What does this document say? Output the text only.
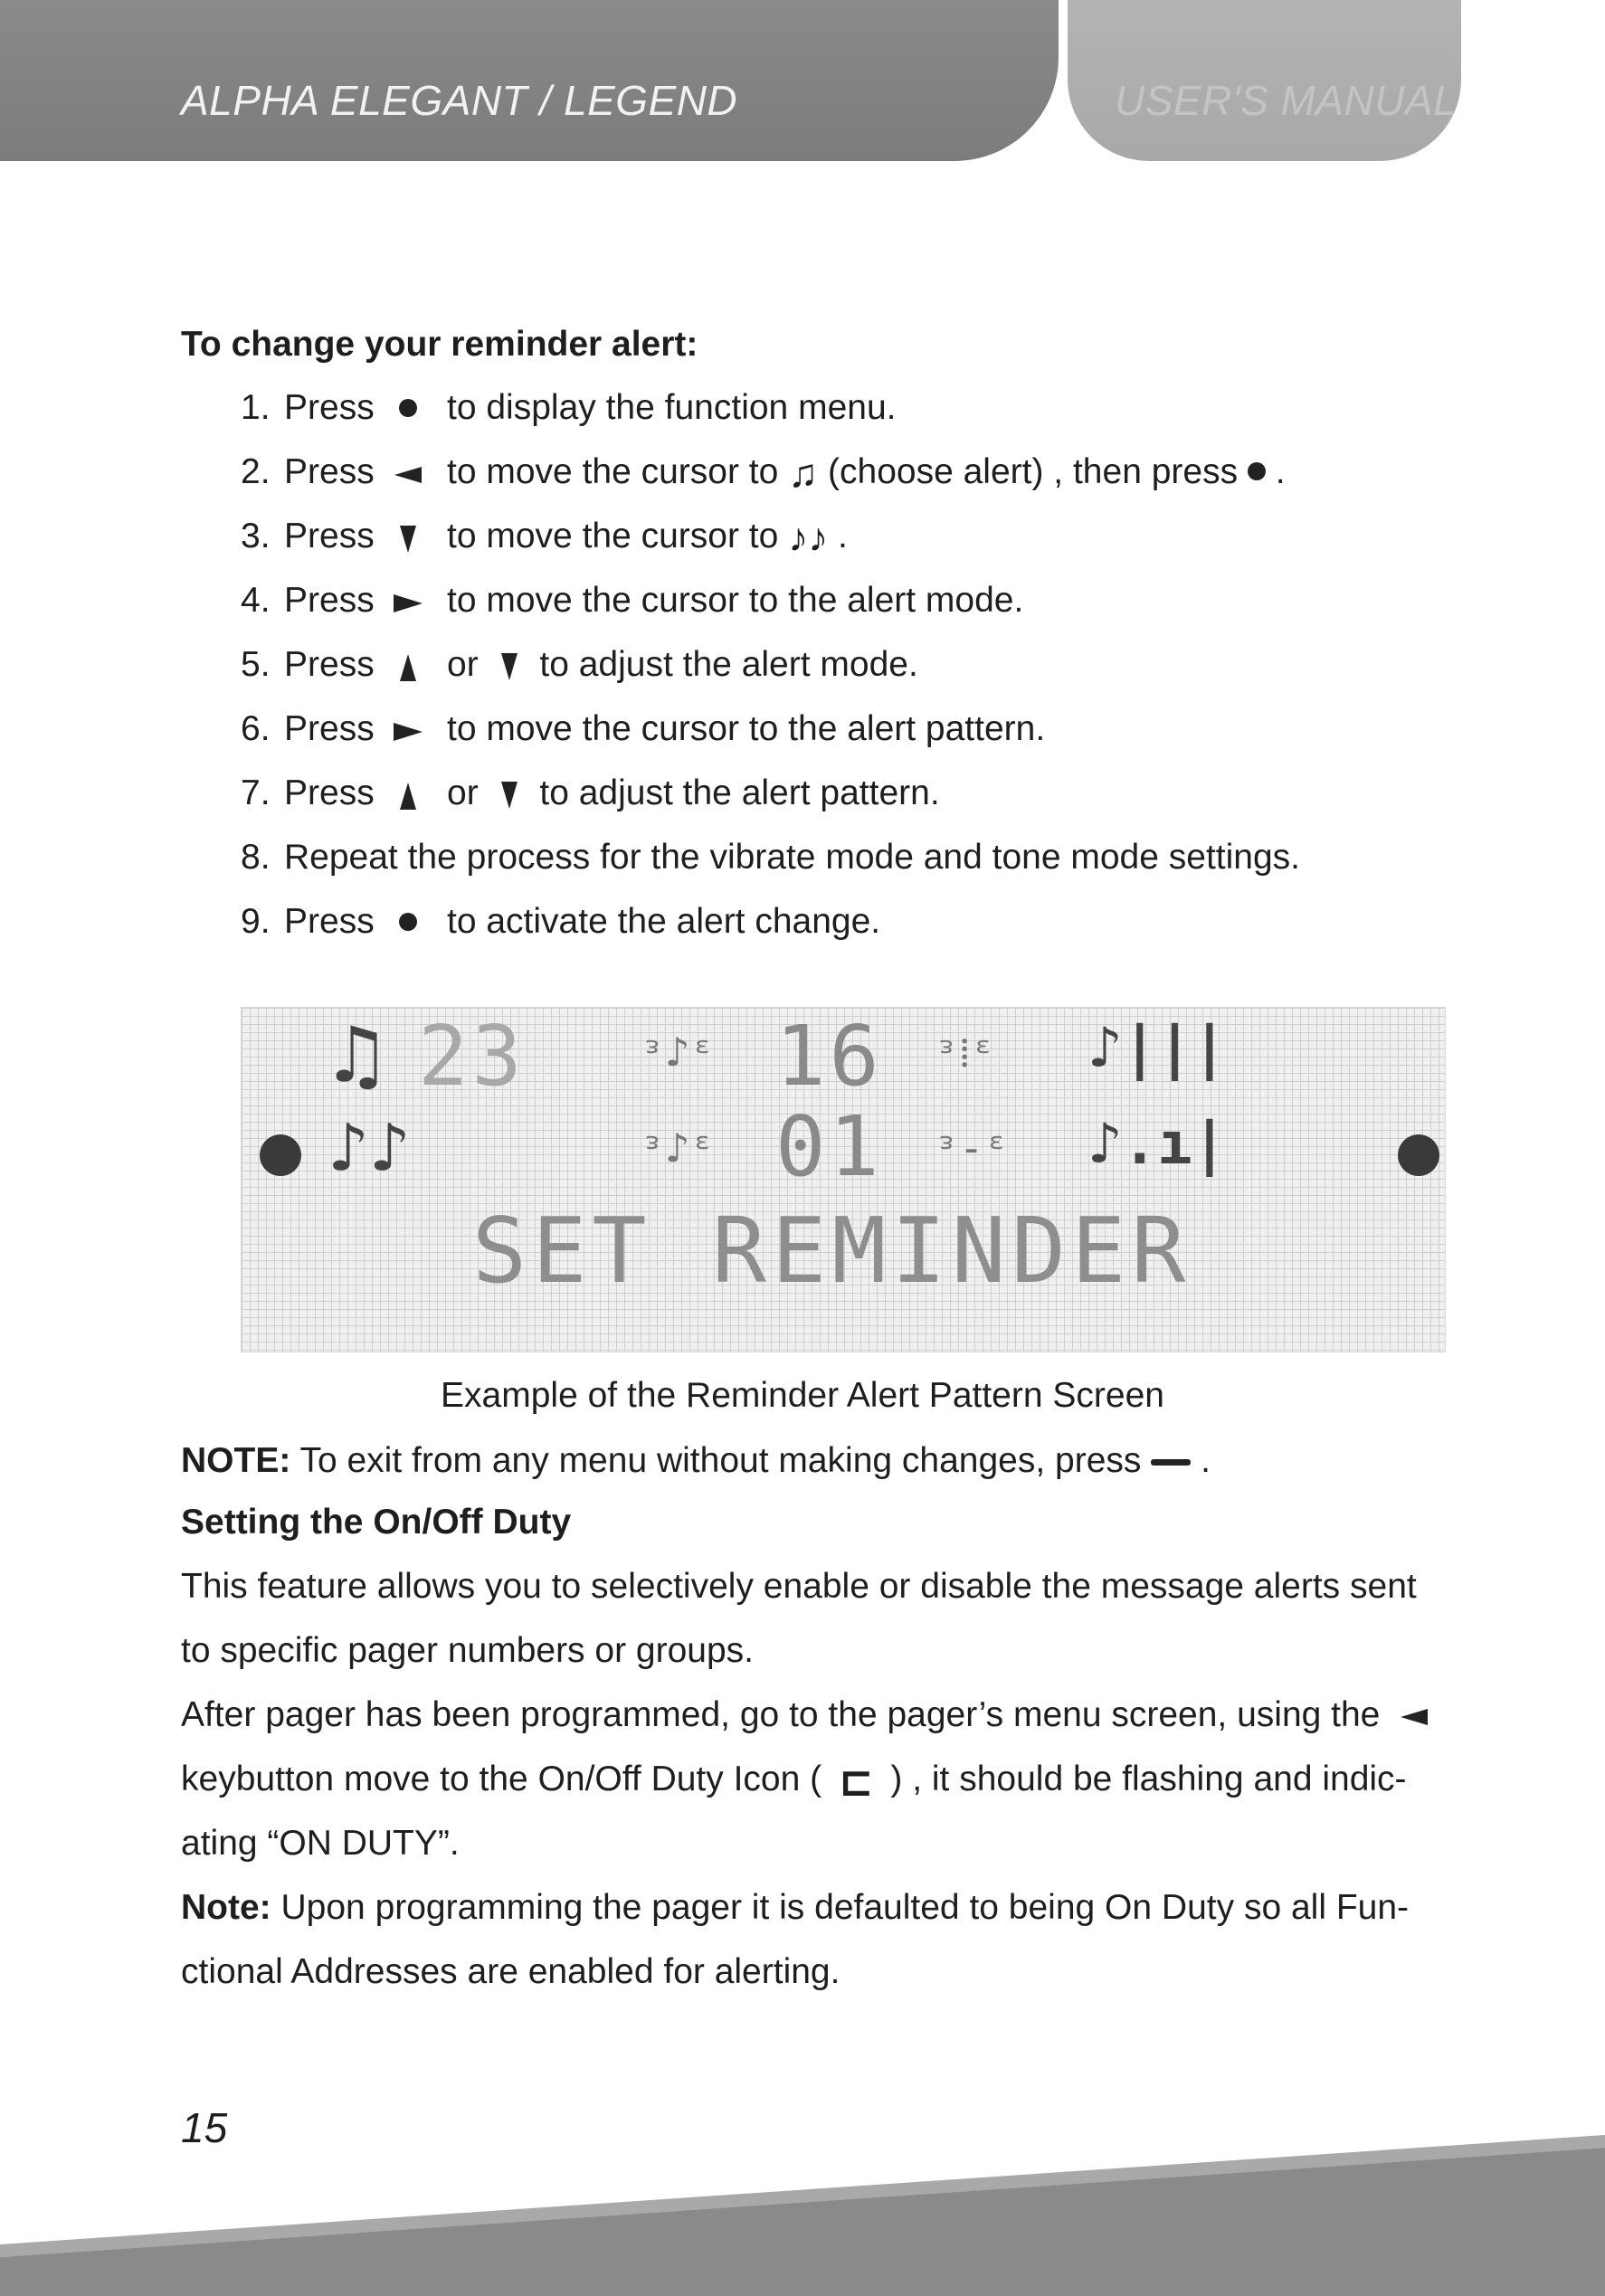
ALPHA ELEGANT / LEGEND	USER'S MANUAL
To change your reminder alert:
1. Press to display the function menu.
2. Press to move the cursor to ♫ (choose alert) , then press .
3. Press to move the cursor to ♪♪ .
4. Press to move the cursor to the alert mode.
5. Press or to adjust the alert mode.
6. Press to move the cursor to the alert pattern.
7. Press or to adjust the alert pattern.
8. Repeat the process for the vibrate mode and tone mode settings.
9. Press to activate the alert change.
♫ 23	ᵌ♪ᵋ 16 ᵌ⁞ᵋ ♪|||
♪♪	ᵌ♪ᵋ 01 ᵌ-ᵋ ♪.ı|
SET REMINDER
Example of the Reminder Alert Pattern Screen
NOTE: To exit from any menu without making changes, press .
Setting the On/Off Duty
This feature allows you to selectively enable or disable the message alerts sent
to specific pager numbers or groups.
After pager has been programmed, go to the pager’s menu screen, using the
keybutton move to the On/Off Duty Icon ( ⊏ ) , it should be flashing and indic-
ating “ON DUTY”.
Note: Upon programming the pager it is defaulted to being On Duty so all Fun-
ctional Addresses are enabled for alerting.
15
